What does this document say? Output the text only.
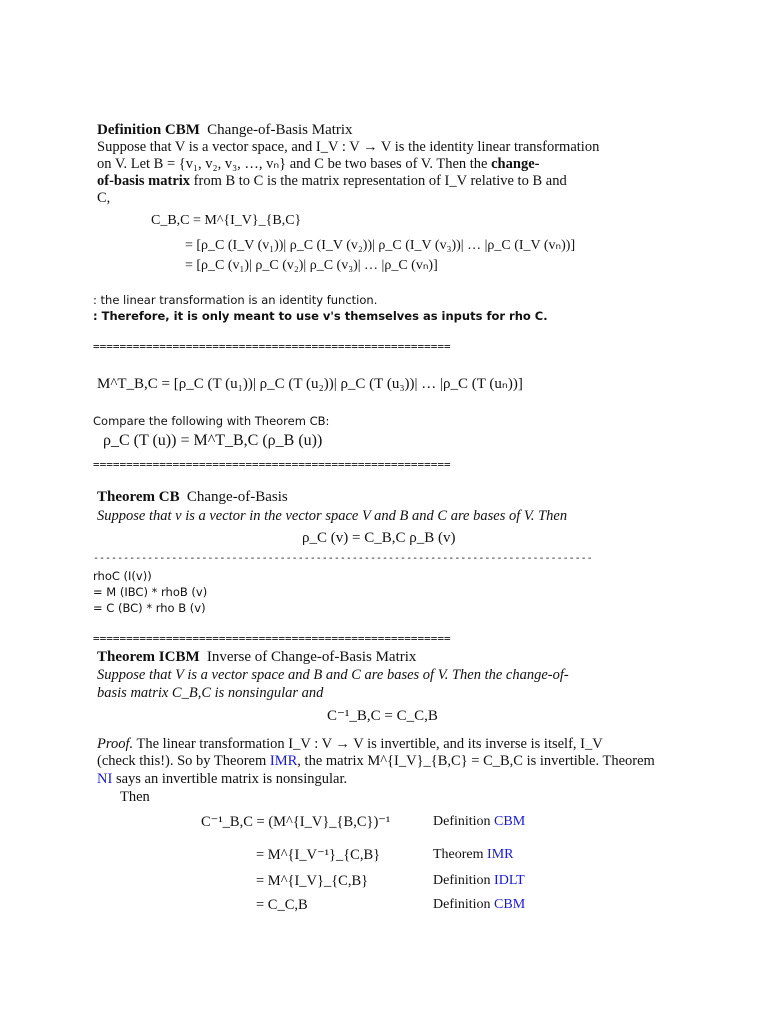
Definition CBM Change-of-Basis Matrix
Suppose that V is a vector space, and I_V : V → V is the identity linear transformation
on V. Let B = {v₁, v₂, v₃, …, vₙ} and C be two bases of V. Then the change-
of-basis matrix from B to C is the matrix representation of I_V relative to B and
C,
C_B,C = M^{I_V}_{B,C}
= [ρ_C (I_V (v₁))| ρ_C (I_V (v₂))| ρ_C (I_V (v₃))| … |ρ_C (I_V (vₙ))]
= [ρ_C (v₁)| ρ_C (v₂)| ρ_C (v₃)| … |ρ_C (vₙ)]
: the linear transformation is an identity function.
: Therefore, it is only meant to use v's themselves as inputs for rho C.
======================================================
M^T_B,C = [ρ_C (T (u₁))| ρ_C (T (u₂))| ρ_C (T (u₃))| … |ρ_C (T (uₙ))]
Compare the following with Theorem CB:
ρ_C (T (u)) = M^T_B,C (ρ_B (u))
======================================================
Theorem CB Change-of-Basis
Suppose that v is a vector in the vector space V and B and C are bases of V. Then
ρ_C (v) = C_B,C ρ_B (v)
-----------------------------------------------------------------------------------
rhoC (I(v))
= M (IBC) * rhoB (v)
= C (BC) * rho B (v)
======================================================
Theorem ICBM Inverse of Change-of-Basis Matrix
Suppose that V is a vector space and B and C are bases of V. Then the change-of-
basis matrix C_B,C is nonsingular and
C⁻¹_B,C = C_C,B
Proof. The linear transformation I_V : V → V is invertible, and its inverse is itself, I_V
(check this!). So by Theorem IMR, the matrix M^{I_V}_{B,C} = C_B,C is invertible. Theorem
NI says an invertible matrix is nonsingular.
Then
C⁻¹_B,C = (M^{I_V}_{B,C})⁻¹	Definition CBM
= M^{I_V⁻¹}_{C,B}	Theorem IMR
= M^{I_V}_{C,B}	Definition IDLT
= C_C,B	Definition CBM
